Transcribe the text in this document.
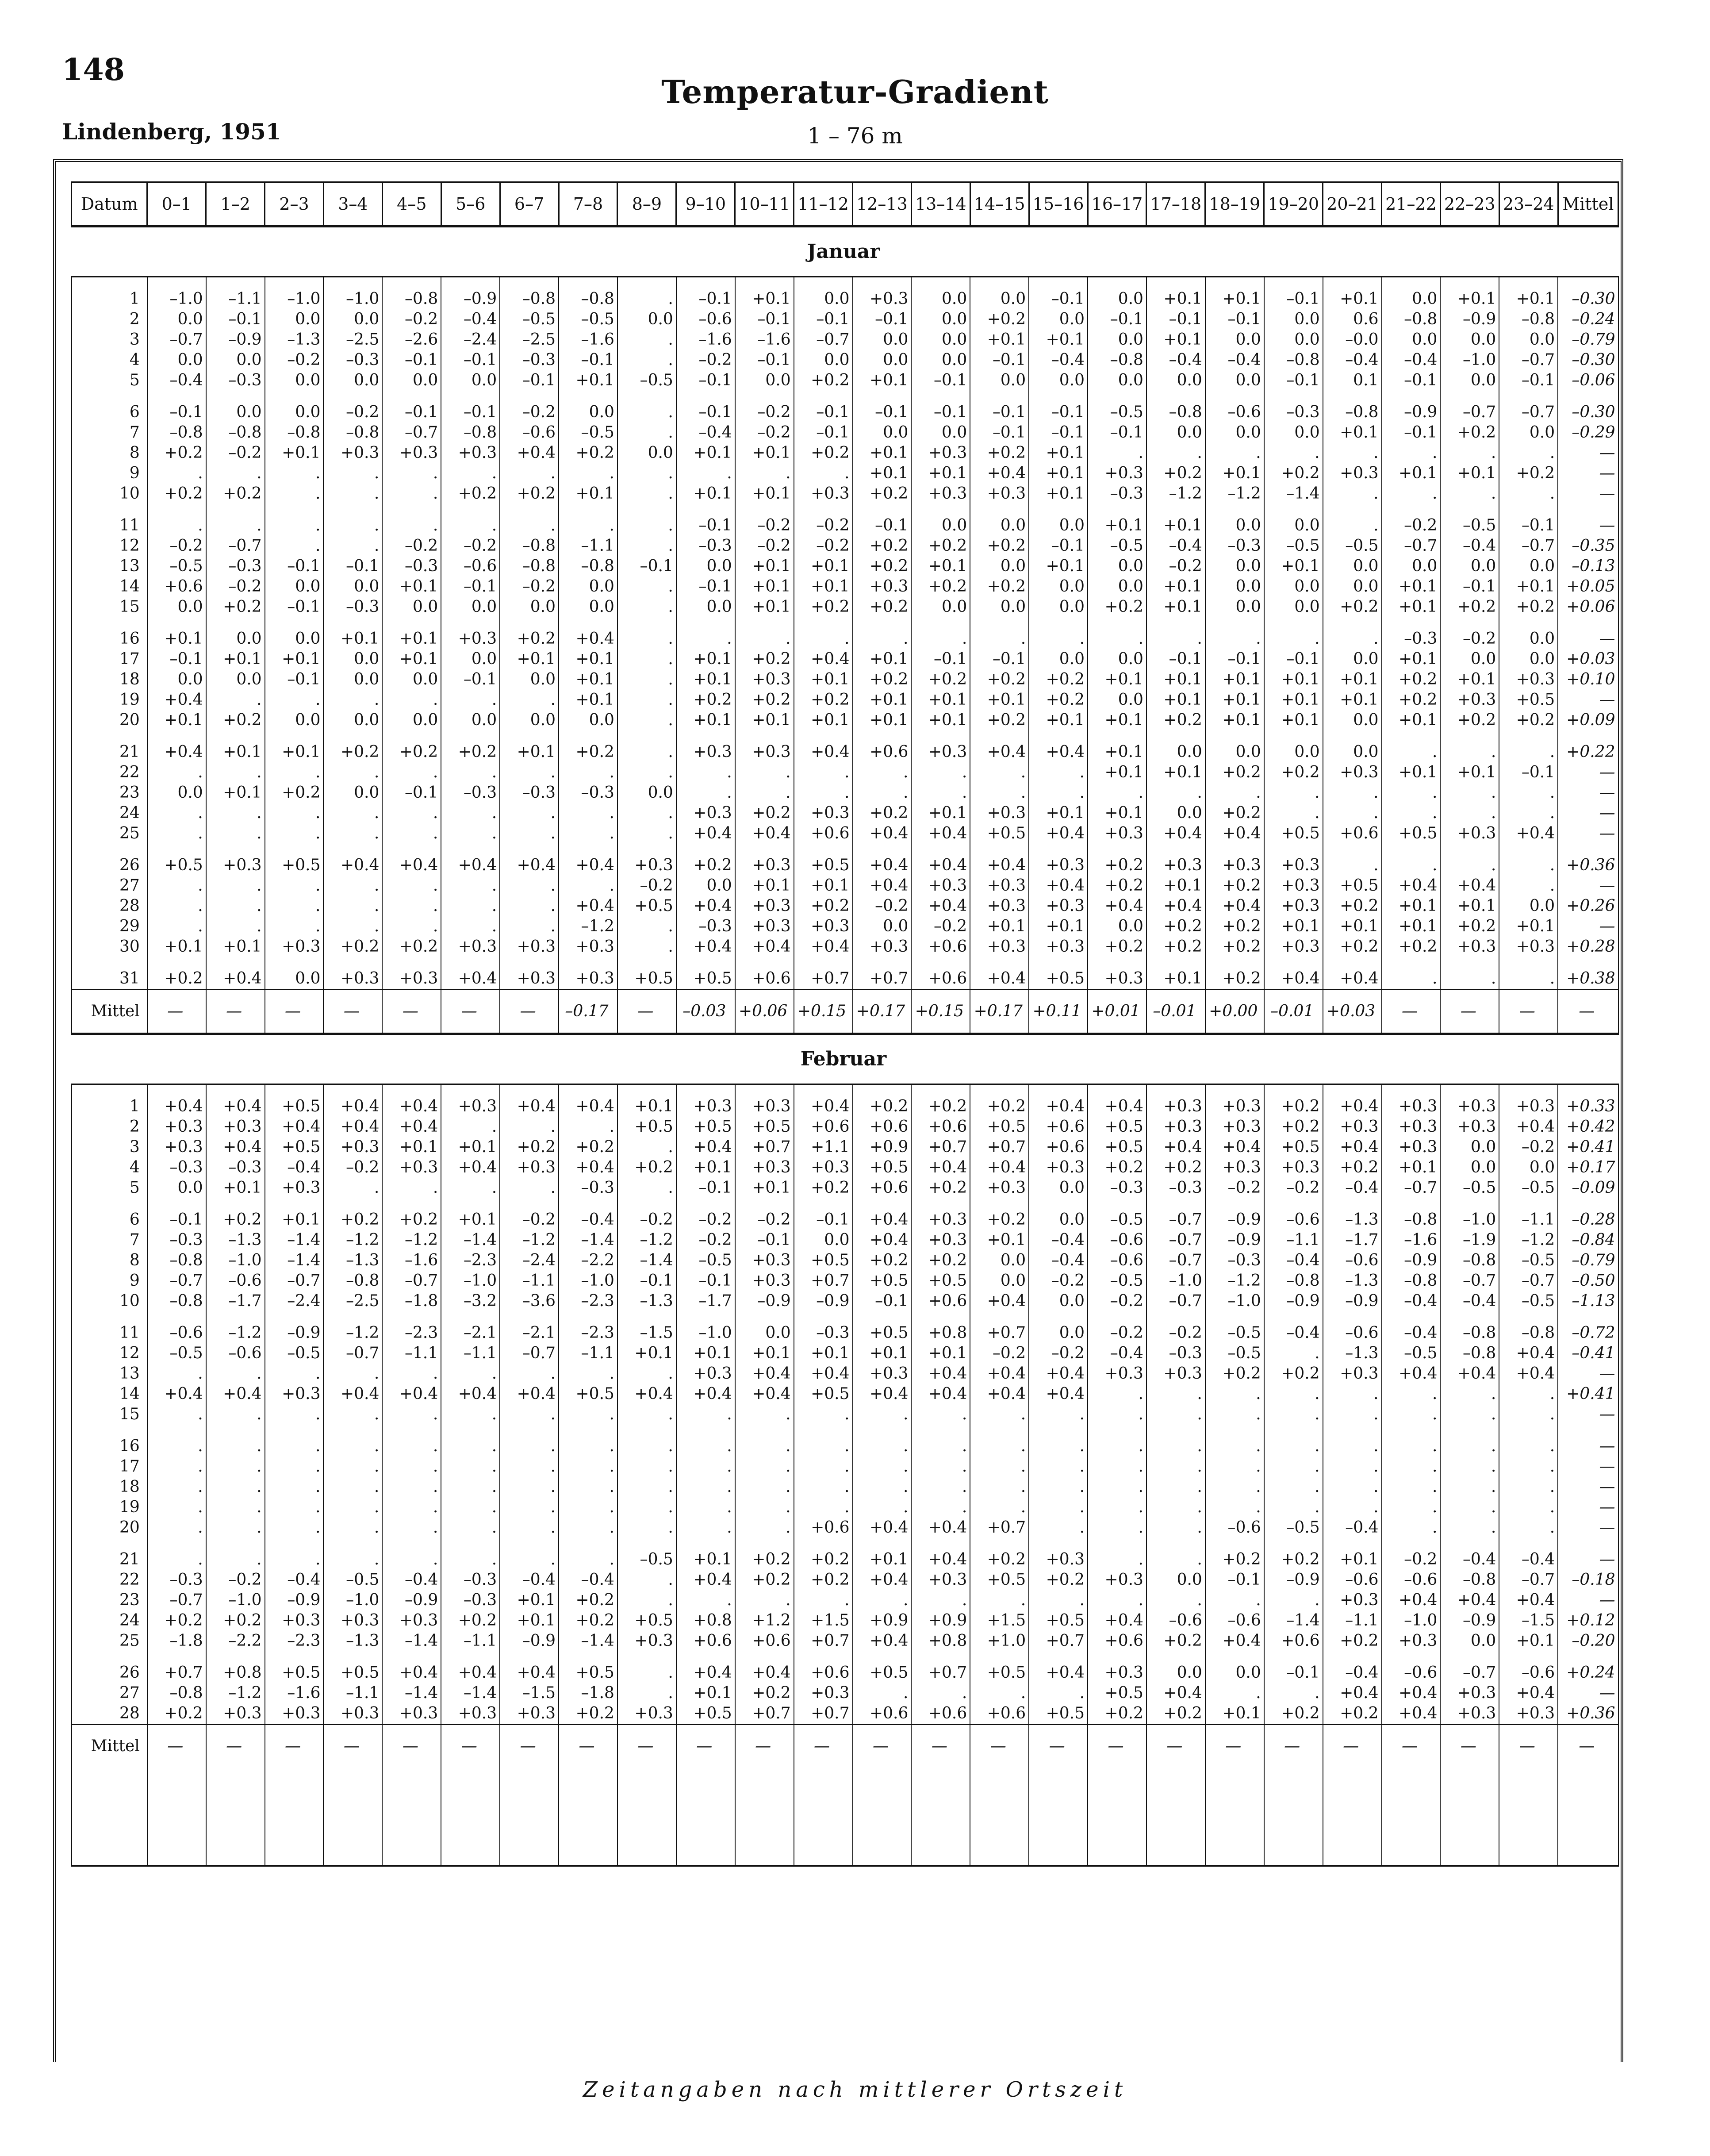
148
Temperatur-Gradient
Lindenberg, 1951	1 – 76 m
Datum	0–1	1–2	2–3	3–4	4–5	5–6	6–7	7–8	8–9	9–10	10–11	11–12	12–13	13–14	14–15	15–16	16–17	17–18	18–19	19–20	20–21	21–22	22–23	23–24	Mittel
Januar																									

1	–1.0	–1.1	–1.0	–1.0	–0.8	–0.9	–0.8	–0.8	.	–0.1	+0.1	0.0	+0.3	0.0	0.0	–0.1	0.0	+0.1	+0.1	–0.1	+0.1	0.0	+0.1	+0.1	–0.30
2	0.0	–0.1	0.0	0.0	–0.2	–0.4	–0.5	–0.5	0.0	–0.6	–0.1	–0.1	–0.1	0.0	+0.2	0.0	–0.1	–0.1	–0.1	0.0	0.6	–0.8	–0.9	–0.8	–0.24
3	–0.7	–0.9	–1.3	–2.5	–2.6	–2.4	–2.5	–1.6	.	–1.6	–1.6	–0.7	0.0	0.0	+0.1	+0.1	0.0	+0.1	0.0	0.0	–0.0	0.0	0.0	0.0	–0.79
4	0.0	0.0	–0.2	–0.3	–0.1	–0.1	–0.3	–0.1	.	–0.2	–0.1	0.0	0.0	0.0	–0.1	–0.4	–0.8	–0.4	–0.4	–0.8	–0.4	–0.4	–1.0	–0.7	–0.30
5	–0.4	–0.3	0.0	0.0	0.0	0.0	–0.1	+0.1	–0.5	–0.1	0.0	+0.2	+0.1	–0.1	0.0	0.0	0.0	0.0	0.0	–0.1	0.1	–0.1	0.0	–0.1	–0.06

6	–0.1	0.0	0.0	–0.2	–0.1	–0.1	–0.2	0.0	.	–0.1	–0.2	–0.1	–0.1	–0.1	–0.1	–0.1	–0.5	–0.8	–0.6	–0.3	–0.8	–0.9	–0.7	–0.7	–0.30
7	–0.8	–0.8	–0.8	–0.8	–0.7	–0.8	–0.6	–0.5	.	–0.4	–0.2	–0.1	0.0	0.0	–0.1	–0.1	–0.1	0.0	0.0	0.0	+0.1	–0.1	+0.2	0.0	–0.29
8	+0.2	–0.2	+0.1	+0.3	+0.3	+0.3	+0.4	+0.2	0.0	+0.1	+0.1	+0.2	+0.1	+0.3	+0.2	+0.1	.	.	.	.	.	.	.	.	—
9	.	.	.	.	.	.	.	.	.	.	.	.	+0.1	+0.1	+0.4	+0.1	+0.3	+0.2	+0.1	+0.2	+0.3	+0.1	+0.1	+0.2	—
10	+0.2	+0.2	.	.	.	+0.2	+0.2	+0.1	.	+0.1	+0.1	+0.3	+0.2	+0.3	+0.3	+0.1	–0.3	–1.2	–1.2	–1.4	.	.	.	.	—

11	.	.	.	.	.	.	.	.	.	–0.1	–0.2	–0.2	–0.1	0.0	0.0	0.0	+0.1	+0.1	0.0	0.0	.	–0.2	–0.5	–0.1	—
12	–0.2	–0.7	.	.	–0.2	–0.2	–0.8	–1.1	.	–0.3	–0.2	–0.2	+0.2	+0.2	+0.2	–0.1	–0.5	–0.4	–0.3	–0.5	–0.5	–0.7	–0.4	–0.7	–0.35
13	–0.5	–0.3	–0.1	–0.1	–0.3	–0.6	–0.8	–0.8	–0.1	0.0	+0.1	+0.1	+0.2	+0.1	0.0	+0.1	0.0	–0.2	0.0	+0.1	0.0	0.0	0.0	0.0	–0.13
14	+0.6	–0.2	0.0	0.0	+0.1	–0.1	–0.2	0.0	.	–0.1	+0.1	+0.1	+0.3	+0.2	+0.2	0.0	0.0	+0.1	0.0	0.0	0.0	+0.1	–0.1	+0.1	+0.05
15	0.0	+0.2	–0.1	–0.3	0.0	0.0	0.0	0.0	.	0.0	+0.1	+0.2	+0.2	0.0	0.0	0.0	+0.2	+0.1	0.0	0.0	+0.2	+0.1	+0.2	+0.2	+0.06

16	+0.1	0.0	0.0	+0.1	+0.1	+0.3	+0.2	+0.4	.	.	.	.	.	.	.	.	.	.	.	.	.	–0.3	–0.2	0.0	—
17	–0.1	+0.1	+0.1	0.0	+0.1	0.0	+0.1	+0.1	.	+0.1	+0.2	+0.4	+0.1	–0.1	–0.1	0.0	0.0	–0.1	–0.1	–0.1	0.0	+0.1	0.0	0.0	+0.03
18	0.0	0.0	–0.1	0.0	0.0	–0.1	0.0	+0.1	.	+0.1	+0.3	+0.1	+0.2	+0.2	+0.2	+0.2	+0.1	+0.1	+0.1	+0.1	+0.1	+0.2	+0.1	+0.3	+0.10
19	+0.4	.	.	.	.	.	.	+0.1	.	+0.2	+0.2	+0.2	+0.1	+0.1	+0.1	+0.2	0.0	+0.1	+0.1	+0.1	+0.1	+0.2	+0.3	+0.5	—
20	+0.1	+0.2	0.0	0.0	0.0	0.0	0.0	0.0	.	+0.1	+0.1	+0.1	+0.1	+0.1	+0.2	+0.1	+0.1	+0.2	+0.1	+0.1	0.0	+0.1	+0.2	+0.2	+0.09

21	+0.4	+0.1	+0.1	+0.2	+0.2	+0.2	+0.1	+0.2	.	+0.3	+0.3	+0.4	+0.6	+0.3	+0.4	+0.4	+0.1	0.0	0.0	0.0	0.0	.	.	.	+0.22
22	.	.	.	.	.	.	.	.	.	.	.	.	.	.	.	.	+0.1	+0.1	+0.2	+0.2	+0.3	+0.1	+0.1	–0.1	—
23	0.0	+0.1	+0.2	0.0	–0.1	–0.3	–0.3	–0.3	0.0	.	.	.	.	.	.	.	.	.	.	.	.	.	.	.	—
24	.	.	.	.	.	.	.	.	.	+0.3	+0.2	+0.3	+0.2	+0.1	+0.3	+0.1	+0.1	0.0	+0.2	.	.	.	.	.	—
25	.	.	.	.	.	.	.	.	.	+0.4	+0.4	+0.6	+0.4	+0.4	+0.5	+0.4	+0.3	+0.4	+0.4	+0.5	+0.6	+0.5	+0.3	+0.4	—

26	+0.5	+0.3	+0.5	+0.4	+0.4	+0.4	+0.4	+0.4	+0.3	+0.2	+0.3	+0.5	+0.4	+0.4	+0.4	+0.3	+0.2	+0.3	+0.3	+0.3	.	.	.	.	+0.36
27	.	.	.	.	.	.	.	.	–0.2	0.0	+0.1	+0.1	+0.4	+0.3	+0.3	+0.4	+0.2	+0.1	+0.2	+0.3	+0.5	+0.4	+0.4	.	—
28	.	.	.	.	.	.	.	+0.4	+0.5	+0.4	+0.3	+0.2	–0.2	+0.4	+0.3	+0.3	+0.4	+0.4	+0.4	+0.3	+0.2	+0.1	+0.1	0.0	+0.26
29	.	.	.	.	.	.	.	–1.2	.	–0.3	+0.3	+0.3	0.0	–0.2	+0.1	+0.1	0.0	+0.2	+0.2	+0.1	+0.1	+0.1	+0.2	+0.1	—
30	+0.1	+0.1	+0.3	+0.2	+0.2	+0.3	+0.3	+0.3	.	+0.4	+0.4	+0.4	+0.3	+0.6	+0.3	+0.3	+0.2	+0.2	+0.2	+0.3	+0.2	+0.2	+0.3	+0.3	+0.28

31	+0.2	+0.4	0.0	+0.3	+0.3	+0.4	+0.3	+0.3	+0.5	+0.5	+0.6	+0.7	+0.7	+0.6	+0.4	+0.5	+0.3	+0.1	+0.2	+0.4	+0.4	.	.	.	+0.38
Mittel	—	—	—	—	—	—	—	–0.17	—	–0.03	+0.06	+0.15	+0.17	+0.15	+0.17	+0.11	+0.01	–0.01	+0.00	–0.01	+0.03	—	—	—	—
Februar																									

1	+0.4	+0.4	+0.5	+0.4	+0.4	+0.3	+0.4	+0.4	+0.1	+0.3	+0.3	+0.4	+0.2	+0.2	+0.2	+0.4	+0.4	+0.3	+0.3	+0.2	+0.4	+0.3	+0.3	+0.3	+0.33
2	+0.3	+0.3	+0.4	+0.4	+0.4	.	.	.	+0.5	+0.5	+0.5	+0.6	+0.6	+0.6	+0.5	+0.6	+0.5	+0.3	+0.3	+0.2	+0.3	+0.3	+0.3	+0.4	+0.42
3	+0.3	+0.4	+0.5	+0.3	+0.1	+0.1	+0.2	+0.2	.	+0.4	+0.7	+1.1	+0.9	+0.7	+0.7	+0.6	+0.5	+0.4	+0.4	+0.5	+0.4	+0.3	0.0	–0.2	+0.41
4	–0.3	–0.3	–0.4	–0.2	+0.3	+0.4	+0.3	+0.4	+0.2	+0.1	+0.3	+0.3	+0.5	+0.4	+0.4	+0.3	+0.2	+0.2	+0.3	+0.3	+0.2	+0.1	0.0	0.0	+0.17
5	0.0	+0.1	+0.3	.	.	.	.	–0.3	.	–0.1	+0.1	+0.2	+0.6	+0.2	+0.3	0.0	–0.3	–0.3	–0.2	–0.2	–0.4	–0.7	–0.5	–0.5	–0.09

6	–0.1	+0.2	+0.1	+0.2	+0.2	+0.1	–0.2	–0.4	–0.2	–0.2	–0.2	–0.1	+0.4	+0.3	+0.2	0.0	–0.5	–0.7	–0.9	–0.6	–1.3	–0.8	–1.0	–1.1	–0.28
7	–0.3	–1.3	–1.4	–1.2	–1.2	–1.4	–1.2	–1.4	–1.2	–0.2	–0.1	0.0	+0.4	+0.3	+0.1	–0.4	–0.6	–0.7	–0.9	–1.1	–1.7	–1.6	–1.9	–1.2	–0.84
8	–0.8	–1.0	–1.4	–1.3	–1.6	–2.3	–2.4	–2.2	–1.4	–0.5	+0.3	+0.5	+0.2	+0.2	0.0	–0.4	–0.6	–0.7	–0.3	–0.4	–0.6	–0.9	–0.8	–0.5	–0.79
9	–0.7	–0.6	–0.7	–0.8	–0.7	–1.0	–1.1	–1.0	–0.1	–0.1	+0.3	+0.7	+0.5	+0.5	0.0	–0.2	–0.5	–1.0	–1.2	–0.8	–1.3	–0.8	–0.7	–0.7	–0.50
10	–0.8	–1.7	–2.4	–2.5	–1.8	–3.2	–3.6	–2.3	–1.3	–1.7	–0.9	–0.9	–0.1	+0.6	+0.4	0.0	–0.2	–0.7	–1.0	–0.9	–0.9	–0.4	–0.4	–0.5	–1.13

11	–0.6	–1.2	–0.9	–1.2	–2.3	–2.1	–2.1	–2.3	–1.5	–1.0	0.0	–0.3	+0.5	+0.8	+0.7	0.0	–0.2	–0.2	–0.5	–0.4	–0.6	–0.4	–0.8	–0.8	–0.72
12	–0.5	–0.6	–0.5	–0.7	–1.1	–1.1	–0.7	–1.1	+0.1	+0.1	+0.1	+0.1	+0.1	+0.1	–0.2	–0.2	–0.4	–0.3	–0.5	.	–1.3	–0.5	–0.8	+0.4	–0.41
13	.	.	.	.	.	.	.	.	.	+0.3	+0.4	+0.4	+0.3	+0.4	+0.4	+0.4	+0.3	+0.3	+0.2	+0.2	+0.3	+0.4	+0.4	+0.4	—
14	+0.4	+0.4	+0.3	+0.4	+0.4	+0.4	+0.4	+0.5	+0.4	+0.4	+0.4	+0.5	+0.4	+0.4	+0.4	+0.4	.	.	.	.	.	.	.	.	+0.41
15	.	.	.	.	.	.	.	.	.	.	.	.	.	.	.	.	.	.	.	.	.	.	.	.	—

16	.	.	.	.	.	.	.	.	.	.	.	.	.	.	.	.	.	.	.	.	.	.	.	.	—
17	.	.	.	.	.	.	.	.	.	.	.	.	.	.	.	.	.	.	.	.	.	.	.	.	—
18	.	.	.	.	.	.	.	.	.	.	.	.	.	.	.	.	.	.	.	.	.	.	.	.	—
19	.	.	.	.	.	.	.	.	.	.	.	.	.	.	.	.	.	.	.	.	.	.	.	.	—
20	.	.	.	.	.	.	.	.	.	.	.	+0.6	+0.4	+0.4	+0.7	.	.	.	–0.6	–0.5	–0.4	.	.	.	—

21	.	.	.	.	.	.	.	.	–0.5	+0.1	+0.2	+0.2	+0.1	+0.4	+0.2	+0.3	.	.	+0.2	+0.2	+0.1	–0.2	–0.4	–0.4	—
22	–0.3	–0.2	–0.4	–0.5	–0.4	–0.3	–0.4	–0.4	.	+0.4	+0.2	+0.2	+0.4	+0.3	+0.5	+0.2	+0.3	0.0	–0.1	–0.9	–0.6	–0.6	–0.8	–0.7	–0.18
23	–0.7	–1.0	–0.9	–1.0	–0.9	–0.3	+0.1	+0.2	.	.	.	.	.	.	.	.	.	.	.	.	+0.3	+0.4	+0.4	+0.4	—
24	+0.2	+0.2	+0.3	+0.3	+0.3	+0.2	+0.1	+0.2	+0.5	+0.8	+1.2	+1.5	+0.9	+0.9	+1.5	+0.5	+0.4	–0.6	–0.6	–1.4	–1.1	–1.0	–0.9	–1.5	+0.12
25	–1.8	–2.2	–2.3	–1.3	–1.4	–1.1	–0.9	–1.4	+0.3	+0.6	+0.6	+0.7	+0.4	+0.8	+1.0	+0.7	+0.6	+0.2	+0.4	+0.6	+0.2	+0.3	0.0	+0.1	–0.20

26	+0.7	+0.8	+0.5	+0.5	+0.4	+0.4	+0.4	+0.5	.	+0.4	+0.4	+0.6	+0.5	+0.7	+0.5	+0.4	+0.3	0.0	0.0	–0.1	–0.4	–0.6	–0.7	–0.6	+0.24
27	–0.8	–1.2	–1.6	–1.1	–1.4	–1.4	–1.5	–1.8	.	+0.1	+0.2	+0.3	.	.	.	.	+0.5	+0.4	.	.	+0.4	+0.4	+0.3	+0.4	—
28	+0.2	+0.3	+0.3	+0.3	+0.3	+0.3	+0.3	+0.2	+0.3	+0.5	+0.7	+0.7	+0.6	+0.6	+0.6	+0.5	+0.2	+0.2	+0.1	+0.2	+0.2	+0.4	+0.3	+0.3	+0.36
Mittel	—	—	—	—	—	—	—	—	—	—	—	—	—	—	—	—	—	—	—	—	—	—	—	—	—

Zeitangaben nach mittlerer Ortszeit
